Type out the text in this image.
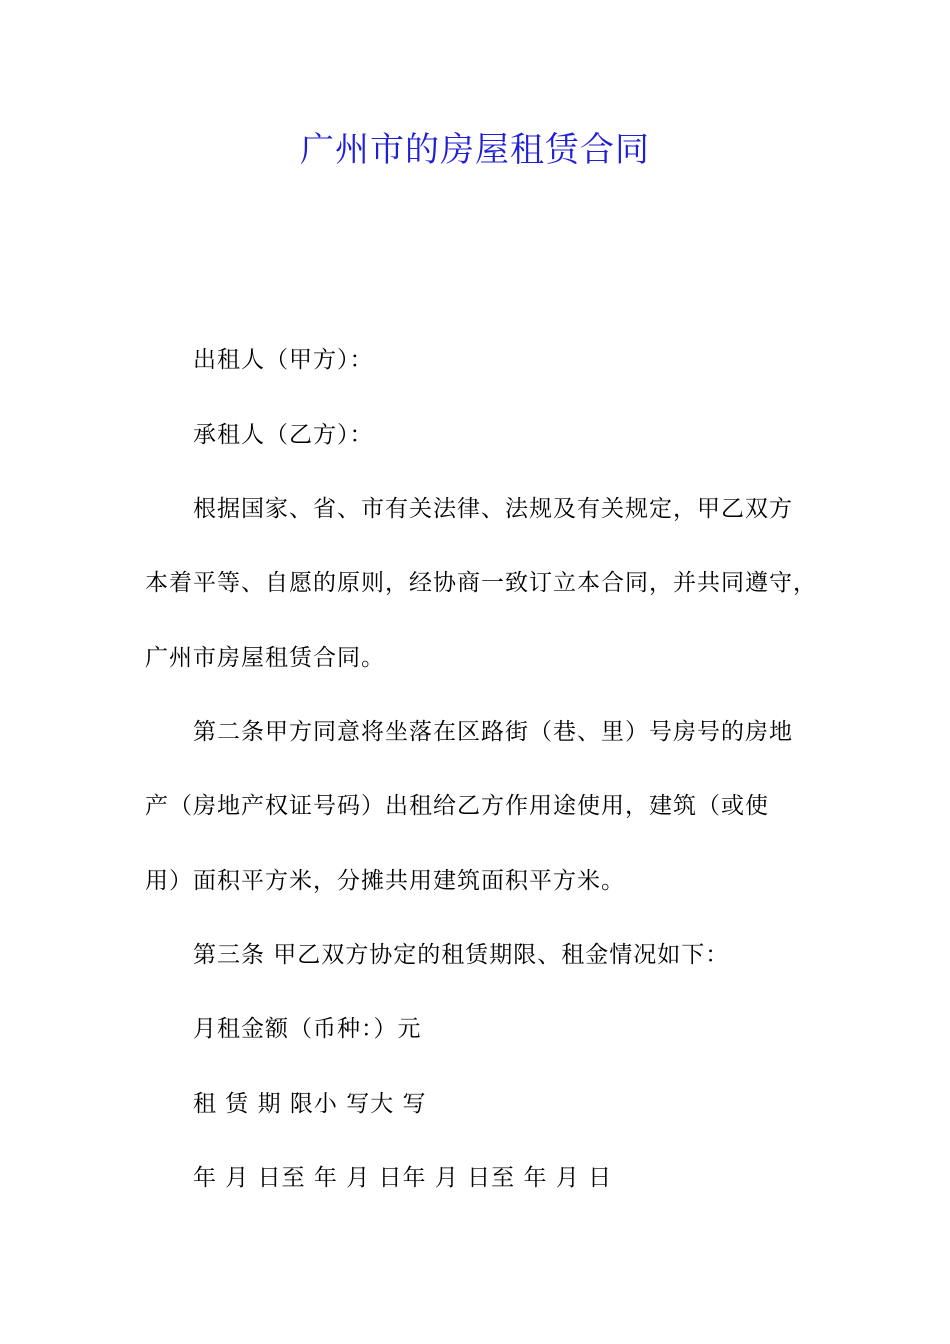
广州市的房屋租赁合同
出租人（甲方）：
承租人（乙方）：
根据国家、省、市有关法律、法规及有关规定，甲乙双方
本着平等、自愿的原则，经协商一致订立本合同，并共同遵守，
广州市房屋租赁合同。
第二条甲方同意将坐落在区路街（巷、里）号房号的房地
产（房地产权证号码）出租给乙方作用途使用，建筑（或使
用）面积平方米，分摊共用建筑面积平方米。
第三条 甲乙双方协定的租赁期限、租金情况如下：
月租金额（币种：）元
租 赁 期 限小 写大 写
年 月 日至 年 月 日年 月 日至 年 月 日
